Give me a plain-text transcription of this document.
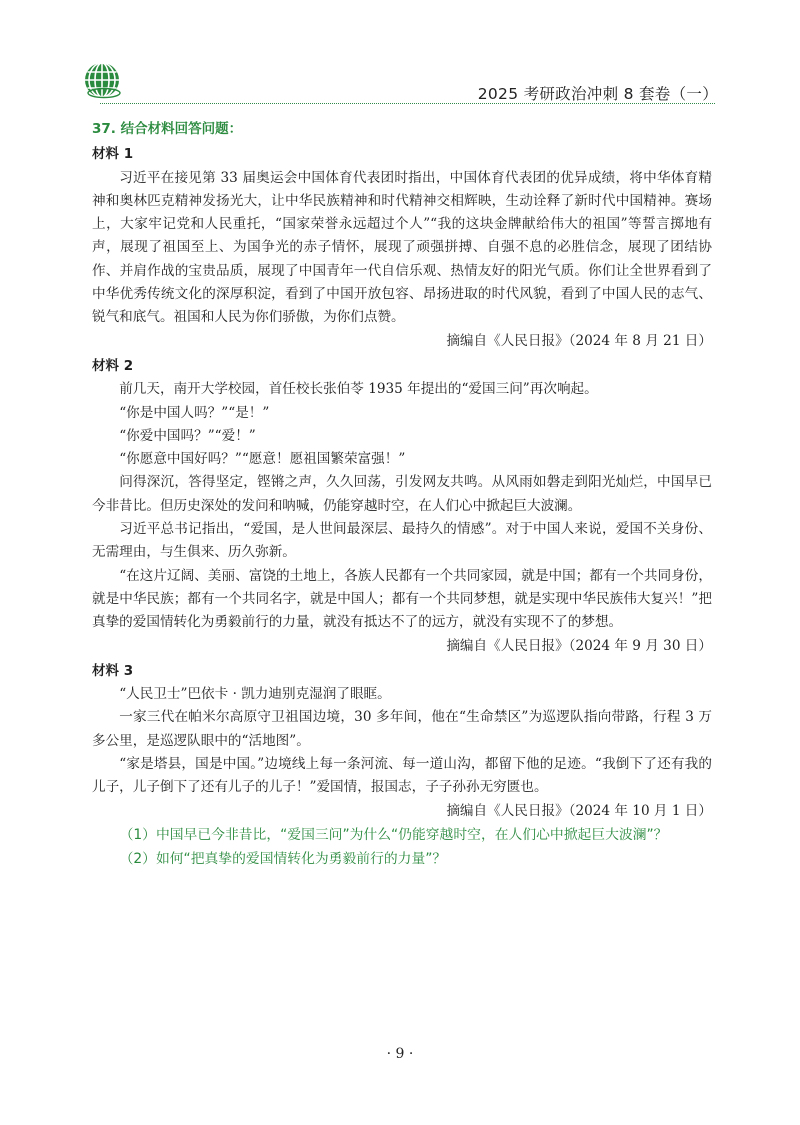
2025 考研政治冲刺 8 套卷（一）
37. 结合材料回答问题：
材料 1

习近平在接见第 33 届奥运会中国体育代表团时指出，中国体育代表团的优异成绩，将中华体育精神和奥林匹克精神发扬光大，让中华民族精神和时代精神交相辉映，生动诠释了新时代中国精神。赛场上，大家牢记党和人民重托，“国家荣誉永远超过个人”“我的这块金牌献给伟大的祖国”等誓言掷地有声，展现了祖国至上、为国争光的赤子情怀，展现了顽强拼搏、自强不息的必胜信念，展现了团结协作、并肩作战的宝贵品质，展现了中国青年一代自信乐观、热情友好的阳光气质。你们让全世界看到了中华优秀传统文化的深厚积淀，看到了中国开放包容、昂扬进取的时代风貌，看到了中国人民的志气、锐气和底气。祖国和人民为你们骄傲，为你们点赞。

摘编自《人民日报》（2024 年 8 月 21 日）

材料 2

前几天，南开大学校园，首任校长张伯苓 1935 年提出的“爱国三问”再次响起。

“你是中国人吗？”“是！”

“你爱中国吗？”“爱！”

“你愿意中国好吗？”“愿意！愿祖国繁荣富强！”

问得深沉，答得坚定，铿锵之声，久久回荡，引发网友共鸣。从风雨如磐走到阳光灿烂，中国早已今非昔比。但历史深处的发问和呐喊，仍能穿越时空，在人们心中掀起巨大波澜。

习近平总书记指出，“爱国，是人世间最深层、最持久的情感”。对于中国人来说，爱国不关身份、无需理由，与生俱来、历久弥新。

“在这片辽阔、美丽、富饶的土地上，各族人民都有一个共同家园，就是中国；都有一个共同身份，就是中华民族；都有一个共同名字，就是中国人；都有一个共同梦想，就是实现中华民族伟大复兴！”把真挚的爱国情转化为勇毅前行的力量，就没有抵达不了的远方，就没有实现不了的梦想。

摘编自《人民日报》（2024 年 9 月 30 日）

材料 3

“人民卫士”巴依卡 · 凯力迪别克湿润了眼眶。

一家三代在帕米尔高原守卫祖国边境，30 多年间，他在“生命禁区”为巡逻队指向带路，行程 3 万多公里，是巡逻队眼中的“活地图”。

“家是塔县，国是中国。”边境线上每一条河流、每一道山沟，都留下他的足迹。“我倒下了还有我的儿子，儿子倒下了还有儿子的儿子！”爱国情，报国志，子子孙孙无穷匮也。

摘编自《人民日报》（2024 年 10 月 1 日）

（1）中国早已今非昔比，“爱国三问”为什么“仍能穿越时空，在人们心中掀起巨大波澜”？

（2）如何“把真挚的爱国情转化为勇毅前行的力量”？

· 9 ·
